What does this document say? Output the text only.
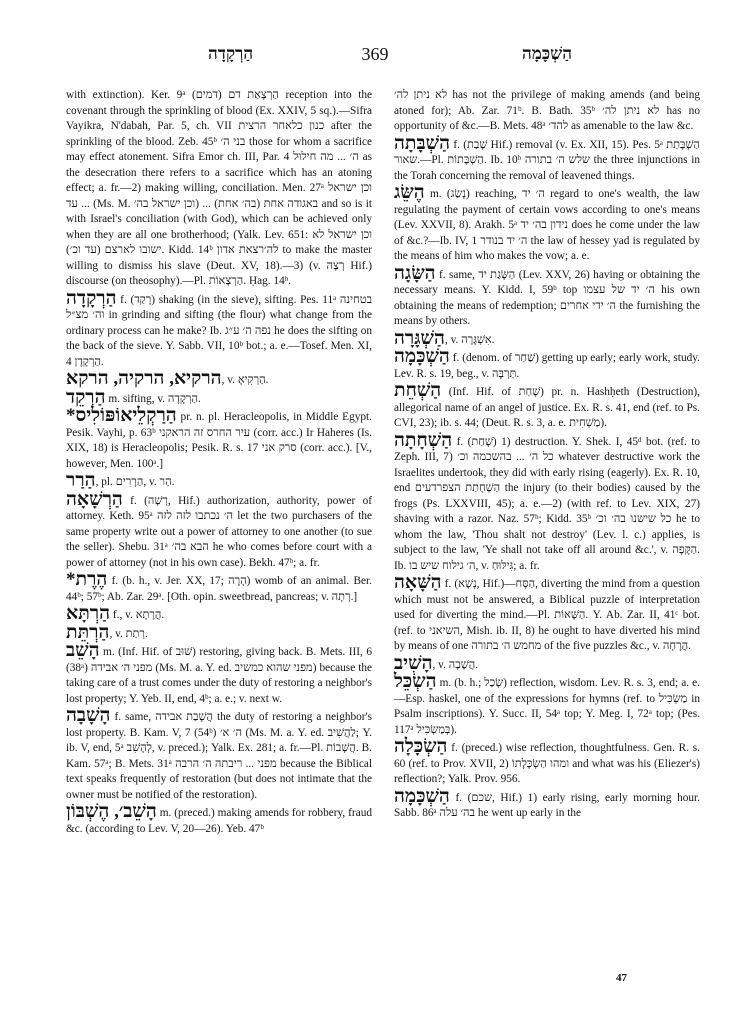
הַרְקָדָה	369	הַשְׁכָּמָה
with extinction). Ker. 9ᵃ הַרְצָאַת דם (דמים) reception into the covenant through the sprinkling of blood (Ex. XXIV, 5 sq.).—Sifra Vayikra, N'dabah, Par. 5, ch. VII כנון כלאחר הרצית after the sprinkling of the blood. Zeb. 45ᵇ בני ה׳ those for whom a sacrifice may effect atonement. Sifra Emor ch. III, Par. 4 ה׳ ... מה חילוּל as the desecration there refers to a sacrifice which has an atoning effect; a. fr.—2) making willing, conciliation. Men. 27ᵃ וכן ישראל עד ... (Ms. M. וכן ישראל בה׳) ... באגודה אחת (בה׳ אחת) and so is it with Israel's conciliation (with God), which can be achieved only when they are all one brotherhood; (Yalk. Lev. 651: וכן ישראל לא ישובו לארצם (עד וכ׳). Kidd. 14ᵇ לה׳רצאת אדון to make the master willing to dismiss his slave (Deut. XV, 18).—3) (v. רְצָה Hif.) discourse (on theosophy).—Pl. הַרְצָאוֹת. Ḥag. 14ᵇ.
הַרְקָדָה f. (רָקַד) shaking (in the sieve), sifting. Pes. 11ᵃ בטחינה וה׳ מצ״ל in grinding and sifting (the flour) what change from the ordinary process can he make? Ib. נפה ה׳ ע״ג he does the sifting on the back of the sieve. Y. Sabb. VII, 10ᵇ bot.; a. e.—Tosef. Men. XI, 4 הַרְקָדָן.
הרקיא, הרקיה, הרקא, v. הַרְקִיאָ.
הַרְקֵד m. sifting, v. הַרְקָדָה.
*הַרַקְלֵיאוֹפּוֹלִיס pr. n. pl. Heracleopolis, in Middle Egypt. Pesik. Vayhi, p. 63ᵇ עיר החרס זה הראקני (corr. acc.) Ir Haheres (Is. XIX, 18) is Heracleopolis; Pesik. R. s. 17 סרק אני (corr. acc.). [V., however, Men. 100ᵃ.]
הַרַר, pl. הַרָרִים, v. הַר.
הַרְשָׁאָה f. (רְשָׁה, Hif.) authorization, authority, power of attorney. Keth. 95ᵃ ה׳ נכתבו לזה לזה let the two purchasers of the same property write out a power of attorney to one another (to sue the seller). Shebu. 31ᵃ הבא בה׳ he who comes before court with a power of attorney (not in his own case). Bekh. 47ᵇ; a. fr.
*הֶרֶת f. (b. h., v. Jer. XX, 17; הָרָה) womb of an animal. Ber. 44ᵇ; 57ᵇ; Ab. Zar. 29ᵃ. [Oth. opin. sweetbread, pancreas; v. רְתָה.]
הַרְתָּא f., v. הֲרָתָא.
הַרְתֵּת, v. רְתַת.
הָשֵׁב m. (Inf. Hif. of שׁוּב) restoring, giving back. B. Mets. III, 6 (38ᵃ) מפני ה׳ אבידה (Ms. M. a. Y. ed. מפני שהוא כמשיב) because the taking care of a trust comes under the duty of restoring a neighbor's lost property; Y. Yeb. II, end, 4ᵇ; a. e.; v. next w.
הָשָׁבָה f. same, הֲשָׁבַת אבידה the duty of restoring a neighbor's lost property. B. Kam. V, 7 (54ᵇ) ה׳ א׳ (Ms. M. a. Y. ed. לַהֲשִׁיב; Y. ib. V, end, 5ᵃ לְהָשִׁב, v. preced.); Yalk. Ex. 281; a. fr.—Pl. הֲשָׁבוֹת. B. Kam. 57ᵃ; B. Mets. 31ᵃ מפני ... ריבתה ה׳ הרבה because the Biblical text speaks frequently of restoration (but does not intimate that the owner must be notified of the restoration).
הָשֵׁב׳, הֶשְׁבּוֹן m. (preced.) making amends for robbery, fraud &c. (according to Lev. V, 20—26). Yeb. 47ᵇ
לא ניתן לה׳ has not the privilege of making amends (and being atoned for); Ab. Zar. 71ᵇ. B. Bath. 35ᵇ לא ניתן לה׳ has no opportunity of &c.—B. Mets. 48ᵃ להד׳ as amenable to the law &c.
הַשְׁבָּתָה f. (שָׁבַת Hif.) removal (v. Ex. XII, 15). Pes. 5ᵃ הַשְׁבָּתַת שאור.—Pl. הַשְׁבָּתוֹת. Ib. 10ᵇ שלש ה׳ בתורה the three injunctions in the Torah concerning the removal of leavened things.
הֶשֵּׂג m. (נָשַׂג) reaching, ה׳ יד regard to one's wealth, the law regulating the payment of certain vows according to one's means (Lev. XXVII, 8). Arakh. 5ᵃ נידון בה׳ יד does he come under the law of &c.?—Ib. IV, 1 ה׳ יד בנודר the law of hessey yad is regulated by the means of him who makes the vow; a. e.
הַשָּׂגָה f. same, הַשָּׂגַת יד (Lev. XXV, 26) having or obtaining the necessary means. Y. Kidd. I, 59ᵇ top ה׳ יד של עצמו his own obtaining the means of redemption; ה׳ ידי אחרים the furnishing the means by others.
הַשְׁגָּרָה, v. אִשְׁגָּרָה.
הַשְׁכָּמָה f. (denom. of שַׁחַר) getting up early; early work, study. Lev. R. s. 19, beg., v. תַּרְבָּה.
הַשְׁחֵת (Inf. Hif. of שָׁחַת) pr. n. Hashḥeth (Destruction), allegorical name of an angel of justice. Ex. R. s. 41, end (ref. to Ps. CVI, 23); ib. s. 44; (Deut. R. s. 3, a. e. מַשְׁחִית).
הַשְׁחָתָה f. (שָׁחַת) 1) destruction. Y. Shek. I, 45ᵈ bot. (ref. to Zeph. III, 7) כל ה׳ ... בהשכמה וכ׳ whatever destructive work the Israelites undertook, they did with early rising (eagerly). Ex. R. 10, end הַשְׁחָתַת הצפרדעים the injury (to their bodies) caused by the frogs (Ps. LXXVIII, 45); a. e.—2) (with ref. to Lev. XIX, 27) shaving with a razor. Naz. 57ᵇ; Kidd. 35ᵇ כל שישנו בה׳ וכ׳ he to whom the law, 'Thou shalt not destroy' (Lev. l. c.) applies, is subject to the law, 'Ye shall not take off all around &c.', v. הַקָּפָה. Ib. ה׳ גילוח שיש בו, v. גִּילּוּחַ; a. fr.
הַשָּׁאָה f. (נָשָׁא, Hif.)—הַסָּח, diverting the mind from a question which must not be answered, a Biblical puzzle of interpretation used for diverting the mind.—Pl. הַשָּׁאוֹת. Y. Ab. Zar. II, 41ᶜ bot. (ref. to השיאני, Mish. ib. II, 8) he ought to have diverted his mind by means of one מחמש ה׳ בתורה of the five puzzles &c., v. הֲרָחָה.
הָשִׁיב, v. הֲשָׁבָה.
הַשְׂכֵּל m. (b. h.; שָׂכַל) reflection, wisdom. Lev. R. s. 3, end; a. e.—Esp. haskel, one of the expressions for hymns (ref. to מַשְׂכִּיל in Psalm inscriptions). Y. Succ. II, 54ᵃ top; Y. Meg. I, 72ᵃ top; (Pes. 117ᵃ בְּמַשְׂכִּיל).
הַשְׂכָּלָה f. (preced.) wise reflection, thoughtfulness. Gen. R. s. 60 (ref. to Prov. XVII, 2) ומהו הַשְׂכָּלָתוֹ and what was his (Eliezer's) reflection?; Yalk. Prov. 956.
הַשְׁכָּמָה f. (שכם, Hif.) 1) early rising, early morning hour. Sabb. 86ᵃ בה׳ עלה he went up early in the
47
